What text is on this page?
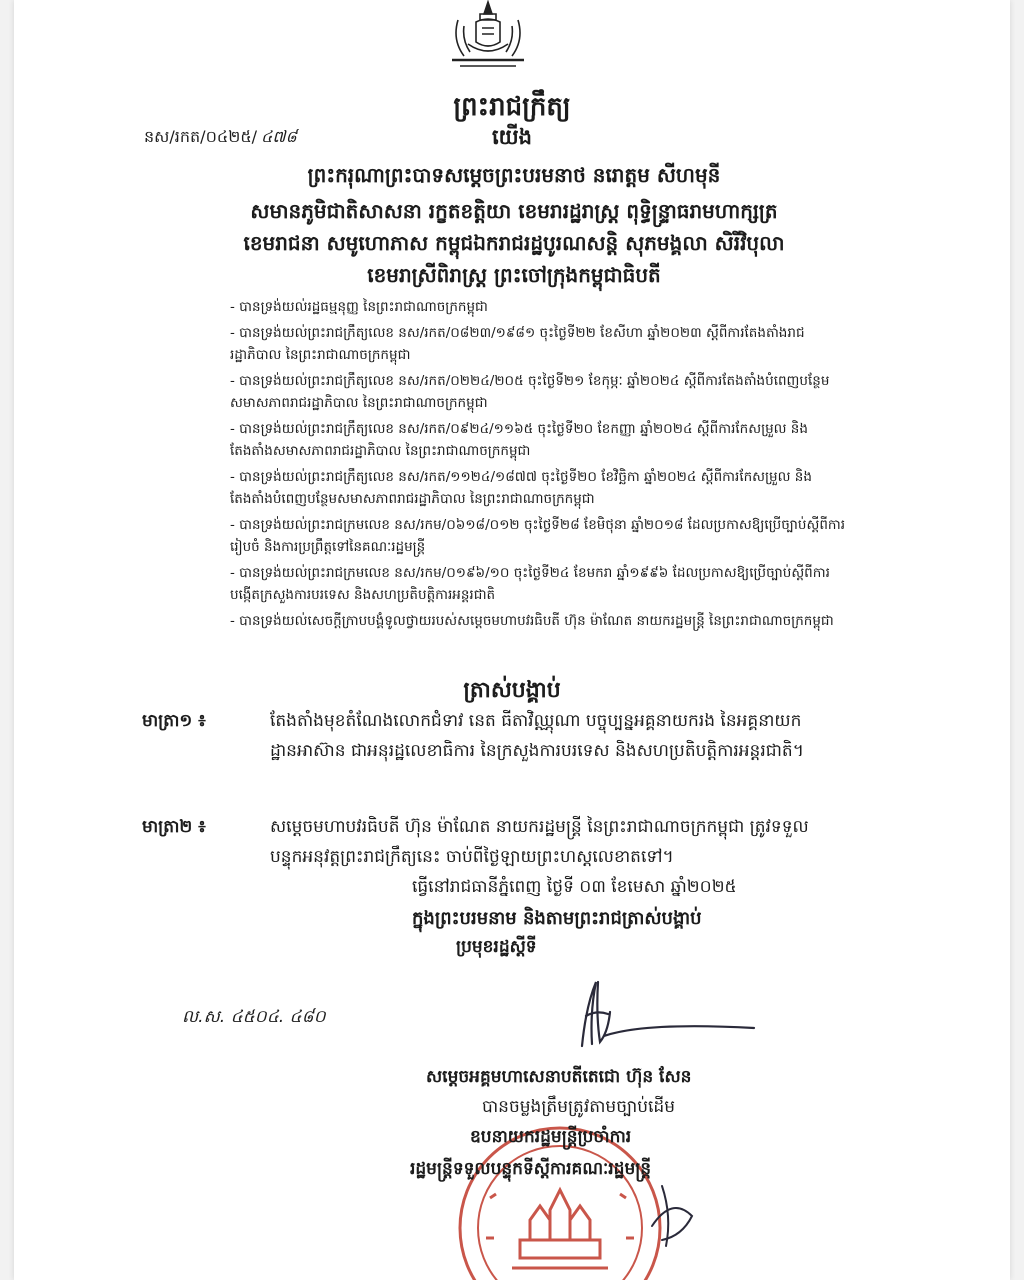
ព្រះរាជក្រឹត្យ
នស/រកត/០៤២៥/ ៤៧៨	យើង
ព្រះករុណាព្រះបាទសម្តេចព្រះបរមនាថ នរោត្តម សីហមុនី
សមានភូមិជាតិសាសនា រក្ខតខត្តិយា ខេមរារដ្ឋរាស្ត្រ ពុទ្ធិន្ទ្រាធរាមហាក្សត្រ
ខេមរាជនា សមូហោភាស កម្ពុជឯករាជរដ្ឋបូរណសន្តិ សុភមង្គលា សិរីវិបុលា
ខេមរាស្រីពិរាស្ត្រ ព្រះចៅក្រុងកម្ពុជាធិបតី
- បានទ្រង់យល់រដ្ឋធម្មនុញ្ញ នៃព្រះរាជាណាចក្រកម្ពុជា
- បានទ្រង់យល់ព្រះរាជក្រឹត្យលេខ នស/រកត/០៨២៣/១៩៨១ ចុះថ្ងៃទី២២ ខែសីហា ឆ្នាំ២០២៣ ស្តីពីការតែងតាំងរាជរដ្ឋាភិបាល នៃព្រះរាជាណាចក្រកម្ពុជា
- បានទ្រង់យល់ព្រះរាជក្រឹត្យលេខ នស/រកត/០២២៤/២០៥ ចុះថ្ងៃទី២១ ខែកុម្ភៈ ឆ្នាំ២០២៤ ស្តីពីការតែងតាំងបំពេញបន្ថែមសមាសភាពរាជរដ្ឋាភិបាល នៃព្រះរាជាណាចក្រកម្ពុជា
- បានទ្រង់យល់ព្រះរាជក្រឹត្យលេខ នស/រកត/០៩២៤/១១៦៥ ចុះថ្ងៃទី២០ ខែកញ្ញា ឆ្នាំ២០២៤ ស្តីពីការកែសម្រួល និងតែងតាំងសមាសភាពរាជរដ្ឋាភិបាល នៃព្រះរាជាណាចក្រកម្ពុជា
- បានទ្រង់យល់ព្រះរាជក្រឹត្យលេខ នស/រកត/១១២៤/១៨៧៧ ចុះថ្ងៃទី២០ ខែវិច្ឆិកា ឆ្នាំ២០២៤ ស្តីពីការកែសម្រួល និងតែងតាំងបំពេញបន្ថែមសមាសភាពរាជរដ្ឋាភិបាល នៃព្រះរាជាណាចក្រកម្ពុជា
- បានទ្រង់យល់ព្រះរាជក្រមលេខ នស/រកម/០៦១៨/០១២ ចុះថ្ងៃទី២៨ ខែមិថុនា ឆ្នាំ២០១៨ ដែលប្រកាសឱ្យប្រើច្បាប់ស្តីពីការរៀបចំ និងការប្រព្រឹត្តទៅនៃគណៈរដ្ឋមន្ត្រី
- បានទ្រង់យល់ព្រះរាជក្រមលេខ នស/រកម/០១៩៦/១០ ចុះថ្ងៃទី២៤ ខែមករា ឆ្នាំ១៩៩៦ ដែលប្រកាសឱ្យប្រើច្បាប់ស្តីពីការបង្កើតក្រសួងការបរទេស និងសហប្រតិបត្តិការអន្តរជាតិ
- បានទ្រង់យល់សេចក្តីក្រាបបង្គំទូលថ្វាយរបស់សម្តេចមហាបវរធិបតី ហ៊ុន ម៉ាណែត នាយករដ្ឋមន្ត្រី នៃព្រះរាជាណាចក្រកម្ពុជា
ត្រាស់បង្គាប់
មាត្រា១ ៖	តែងតាំងមុខតំណែងលោកជំទាវ នេត ធីតាវិឈ្ណុណា បច្ចុប្បន្នអគ្គនាយករង នៃអគ្គនាយកដ្ឋានអាស៊ាន ជាអនុរដ្ឋលេខាធិការ នៃក្រសួងការបរទេស និងសហប្រតិបត្តិការអន្តរជាតិ។
មាត្រា២ ៖	សម្តេចមហាបវរធិបតី ហ៊ុន ម៉ាណែត នាយករដ្ឋមន្ត្រី នៃព្រះរាជាណាចក្រកម្ពុជា ត្រូវទទួលបន្ទុកអនុវត្តព្រះរាជក្រឹត្យនេះ ចាប់ពីថ្ងៃឡាយព្រះហស្តលេខាតទៅ។
ធ្វើនៅរាជធានីភ្នំពេញ ថ្ងៃទី ០៣ ខែមេសា ឆ្នាំ២០២៥
ក្នុងព្រះបរមនាម និងតាមព្រះរាជត្រាស់បង្គាប់
ប្រមុខរដ្ឋស្តីទី
ល.ស. ៤៥០៤. ៤៨០
សម្តេចអគ្គមហាសេនាបតីតេជោ ហ៊ុន សែន
បានចម្លងត្រឹមត្រូវតាមច្បាប់ដើម
ឧបនាយករដ្ឋមន្ត្រីប្រចាំការ
រដ្ឋមន្ត្រីទទួលបន្ទុកទីស្តីការគណៈរដ្ឋមន្ត្រី
